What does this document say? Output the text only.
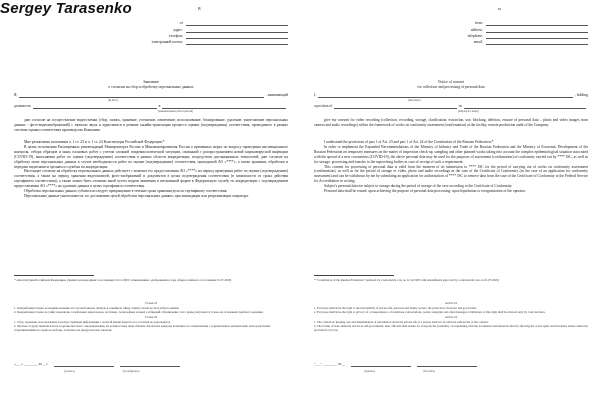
Sergey Tarasenko	В
от
адрес:
телефон:
электронной почты:
Заявление
о согласии на сбор и обработку персональных данных
Я,	, занимающий
(Ф.И.О.)
должность	в
(наименование работодателя)

даю согласие на осуществление видеосъемки (сбор, запись, хранение, уточнение, извлечение, использование, блокирование, удаление, уничтожение персональных данных - фото-видеоизображений) с записью звука и аудиозаписи в режиме онлайн-трансляции процесса оценки (подтверждения) соответствия, проводимого в рамках системы оценки соответствия производства Компании.

Мне разъяснены положения ч. 1 ст. 23 и ч. 1 ст. 24 Конституции Российской Федерации.*

В целях исполнения Расширенных рекомендаций Минпромторга России и Минэкономразвития России о временных мерах по вопросу проведения инспекционного контроля, отбора образцов и иных плановых работ с учетом сложной эпидемиологической ситуации, связанной с распространением новой коронавирусной инфекции (COVID-19), выполнения работ по оценке (подтверждению) соответствия в рамках области аккредитации, посредством дистанционных технологий, даю согласие на обработку моих персональных данных в случае необходимости работ по оценке (подтверждению) соответствия, проводимой АО «****», а также хранения, обработки и передачи видеозаписи органам и службам по аккредитации.

Настоящее согласие на обработку персональных данных действует с момента его предоставления АО «****» на период проведения работ по оценке (подтверждению) соответствия, а также на период хранения видеозаписей, фото-изображений и документов в целях подтверждения соответствия (в зависимости от срока действия сертификата соответствия), а также может быть отозвано мной путем подачи заявления в письменной форме в Федеральную службу по аккредитации с подтверждением предоставления АО «****» на удаление данных в целях сертификата соответствия.

Обработка персональных данных субъекта исследует прекращению в течение срока хранения дела по сертификату соответствия.

Персональные данные уничтожаются: по достижению целей обработки персональных данных; при ликвидации или реорганизации оператора.

* «Конституция Российской Федерации» (принята всенародным голосованием 12.12.1993 с изменениями, одобренными в ходе общероссийского голосования 01.07.2020)
Статья 23
1. Каждый имеет право на неприкосновенность частной жизни, личную и семейную тайну, защиту своей чести и доброго имени.
2. Каждый имеет право на тайну переписки, телефонных переговоров, почтовых, телеграфных и иных сообщений. Ограничение этого права допускается только на основании судебного решения.
Статья 24
1. Сбор, хранение, использование и распространение информации о частной жизни лица без его согласия не допускаются.
2. Органы государственной власти и органы местного самоуправления, их должностные лица обязаны обеспечить каждому возможность ознакомления с документами и материалами, непосредственно затрагивающими его права и свободы, если иное не предусмотрено законом.
«___» ________ 20__ г.
(подпись)	(расшифровка)
to
from:
address:
telephone:
email:
Notice of consent
for collection and processing of personal data
I,	, holding
(full name)
a position of	in
(employer's name)

give my consent for video recording (collection, recording, storage, clarification, extraction, use, blocking, deletion, erasure of personal data – photo and video images from camera and audio recordings) within the framework of works on conformity assessment (confirmation) at the facility, remote production audit of the Company.

I understand the provisions of part 1 of Art. 23 and part 1 of Art. 24 of the Constitution of the Russian Federation.*

In order to implement the Expanded Recommendations of the Ministry of Industry and Trade of the Russian Federation and the Ministry of Economic Development of the Russian Federation on temporary measures on the matter of inspection check-up, sampling and other planned works taking into account the complex epidemiological situation associated with the spread of a new coronavirus (COVID-19), the above personal data may be used for the purposes of assessment (confirmation) of conformity carried out by **** JSC, as well as for storage, processing and transfer to the supervising bodies in case of receipt of such a requirement.

This consent for processing of personal data is valid from the moment of its submission to **** JSC for the period of carrying out of works on conformity assessment (confirmation), as well as for the period of storage of video, photo and audio recordings in the case of the Certificate of Conformity (in the case of an application for conformity assessment) and can be withdrawn by me by submitting an application for authorization of **** JSC to remove data from the case of the Certificate of Conformity to the Federal Service for Accreditation in writing.

Subject's personal data are subject to storage during the period of storage of the case according to the Certificate of Conformity.

Personal data shall be erased: upon achieving the purpose of personal data processing; upon liquidation or reorganization of the operator.

* "Constitution of the Russian Federation" (adopted by a nationwide vote on 12.12.1993 with amendments approved by a nationwide vote on 01.07.2020)
Article 23
1. Everyone shall have the right to the inviolability of private life, personal and family secrets, the protection of honour and good name.
2. Everyone shall have the right to privacy of correspondence, of telephone conversations, postal, telegraph and other messages. Limitations of this right shall be allowed only by court decision.
Article 24
1. The collection, keeping, use and dissemination of information about the private life of a person shall not be allowed without his or her consent.
2. The bodies of state authority and local self-government, their officials shall ensure for everyone the possibility of acquainting with the documents and materials directly affecting his or her rights and freedoms, unless otherwise provided for by law.
"___" ________ 20__
(signature)	(full name)
